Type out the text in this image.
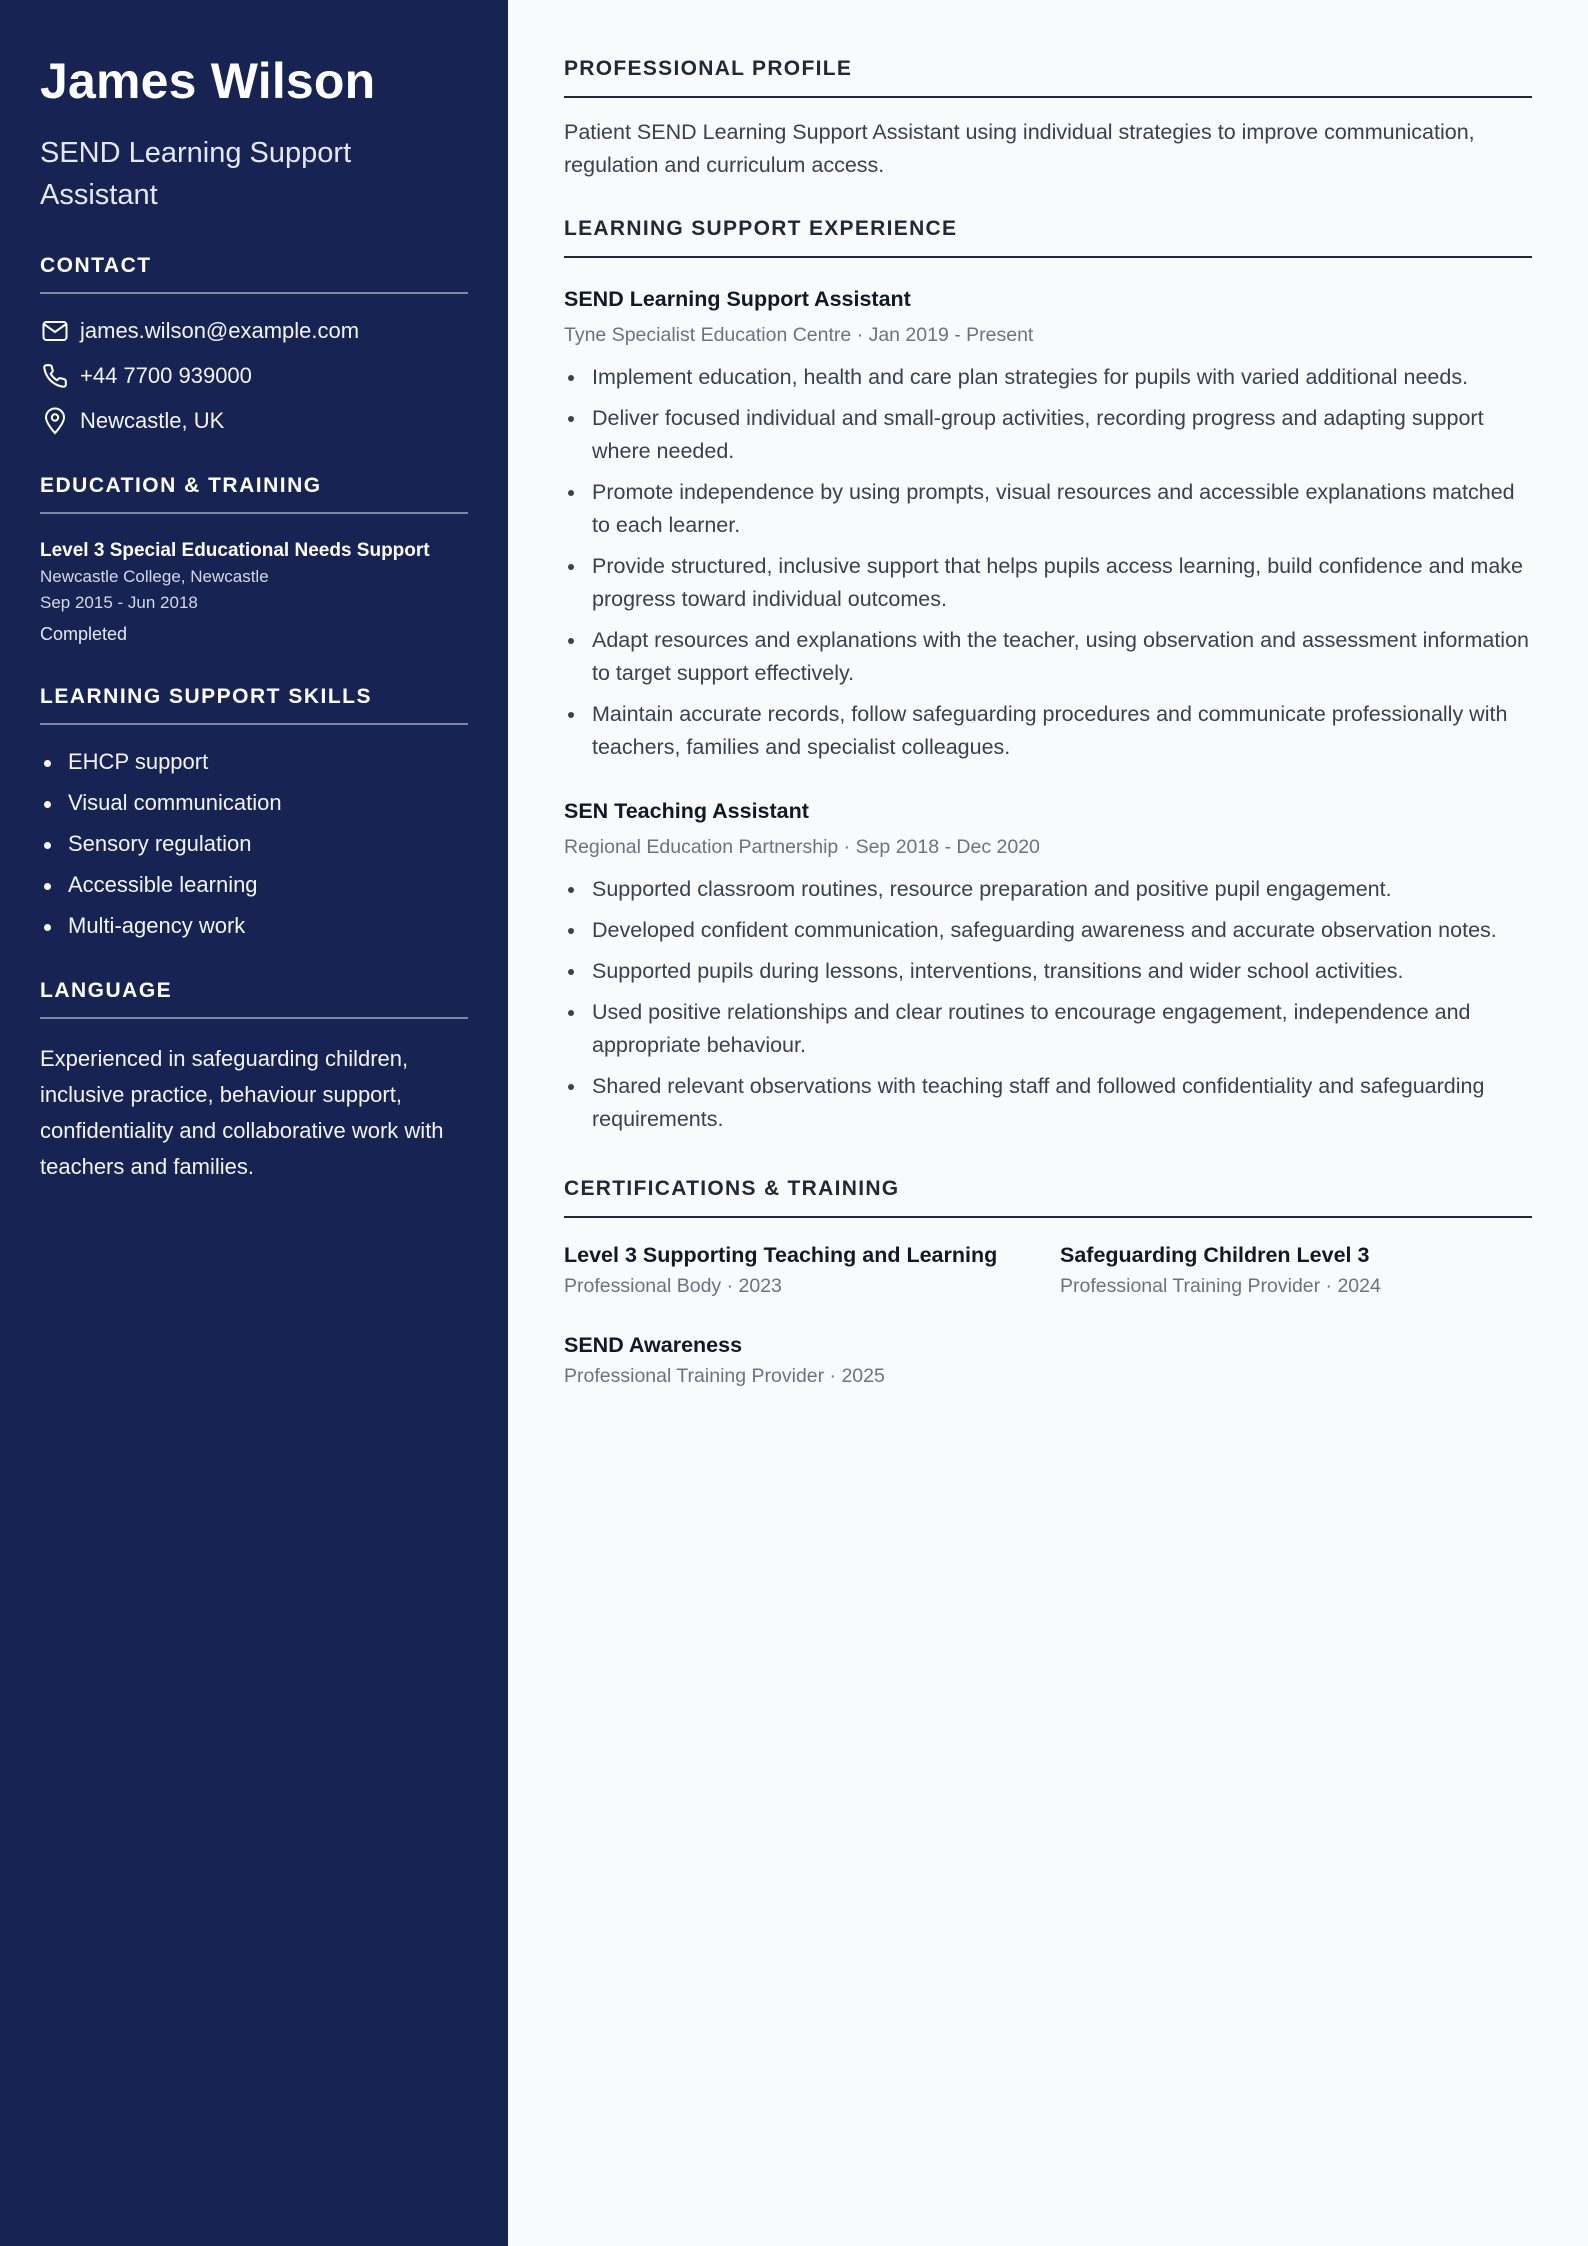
James Wilson
SEND Learning Support Assistant
CONTACT
james.wilson@example.com
+44 7700 939000
Newcastle, UK
EDUCATION & TRAINING
Level 3 Special Educational Needs Support
Newcastle College, Newcastle
Sep 2015 - Jun 2018
Completed
LEARNING SUPPORT SKILLS
EHCP support
Visual communication
Sensory regulation
Accessible learning
Multi-agency work
LANGUAGE
Experienced in safeguarding children, inclusive practice, behaviour support, confidentiality and collaborative work with teachers and families.
PROFESSIONAL PROFILE

Patient SEND Learning Support Assistant using individual strategies to improve communication, regulation and curriculum access.

LEARNING SUPPORT EXPERIENCE
SEND Learning Support Assistant
Tyne Specialist Education Centre · Jan 2019 - Present
Implement education, health and care plan strategies for pupils with varied additional needs.
Deliver focused individual and small-group activities, recording progress and adapting support where needed.
Promote independence by using prompts, visual resources and accessible explanations matched to each learner.
Provide structured, inclusive support that helps pupils access learning, build confidence and make progress toward individual outcomes.
Adapt resources and explanations with the teacher, using observation and assessment information to target support effectively.
Maintain accurate records, follow safeguarding procedures and communicate professionally with teachers, families and specialist colleagues.
SEN Teaching Assistant
Regional Education Partnership · Sep 2018 - Dec 2020
Supported classroom routines, resource preparation and positive pupil engagement.
Developed confident communication, safeguarding awareness and accurate observation notes.
Supported pupils during lessons, interventions, transitions and wider school activities.
Used positive relationships and clear routines to encourage engagement, independence and appropriate behaviour.
Shared relevant observations with teaching staff and followed confidentiality and safeguarding requirements.
CERTIFICATIONS & TRAINING
Level 3 Supporting Teaching and Learning
Professional Body · 2023
Safeguarding Children Level 3
Professional Training Provider · 2024
SEND Awareness
Professional Training Provider · 2025
